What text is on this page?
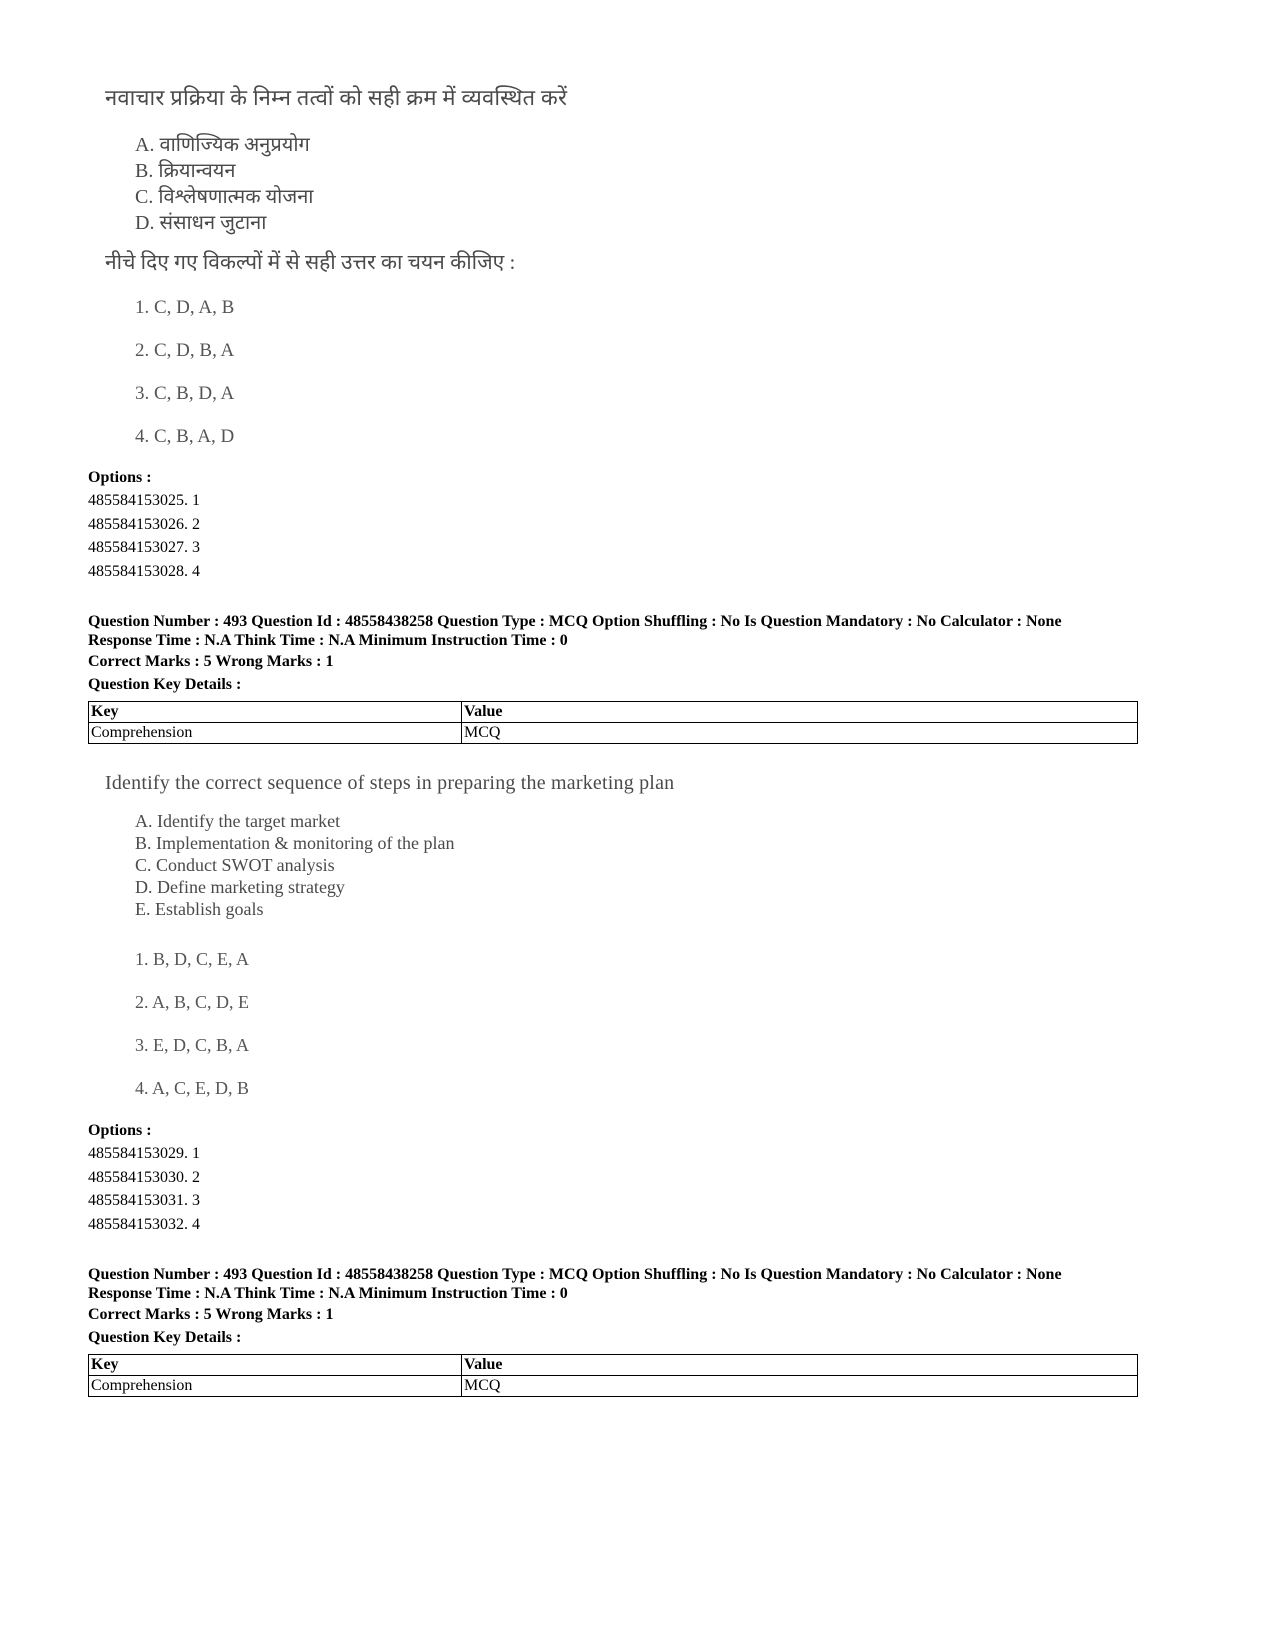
नवाचार प्रक्रिया के निम्न तत्वों को सही क्रम में व्यवस्थित करें
A. वाणिज्यिक अनुप्रयोग
B. क्रियान्वयन
C. विश्लेषणात्मक योजना
D. संसाधन जुटाना
नीचे दिए गए विकल्पों में से सही उत्तर का चयन कीजिए :
1. C, D, A, B
2. C, D, B, A
3. C, B, D, A
4. C, B, A, D
Options :
485584153025. 1
485584153026. 2
485584153027. 3
485584153028. 4
Question Number : 493 Question Id : 48558438258 Question Type : MCQ Option Shuffling : No Is Question Mandatory : No Calculator : None
Response Time : N.A Think Time : N.A Minimum Instruction Time : 0
Correct Marks : 5 Wrong Marks : 1
Question Key Details :
Key	Value
Comprehension	MCQ
Identify the correct sequence of steps in preparing the marketing plan
A. Identify the target market
B. Implementation & monitoring of the plan
C. Conduct SWOT analysis
D. Define marketing strategy
E. Establish goals
1. B, D, C, E, A
2. A, B, C, D, E
3. E, D, C, B, A
4. A, C, E, D, B
Options :
485584153029. 1
485584153030. 2
485584153031. 3
485584153032. 4
Question Number : 493 Question Id : 48558438258 Question Type : MCQ Option Shuffling : No Is Question Mandatory : No Calculator : None
Response Time : N.A Think Time : N.A Minimum Instruction Time : 0
Correct Marks : 5 Wrong Marks : 1
Question Key Details :
Key	Value
Comprehension	MCQ
